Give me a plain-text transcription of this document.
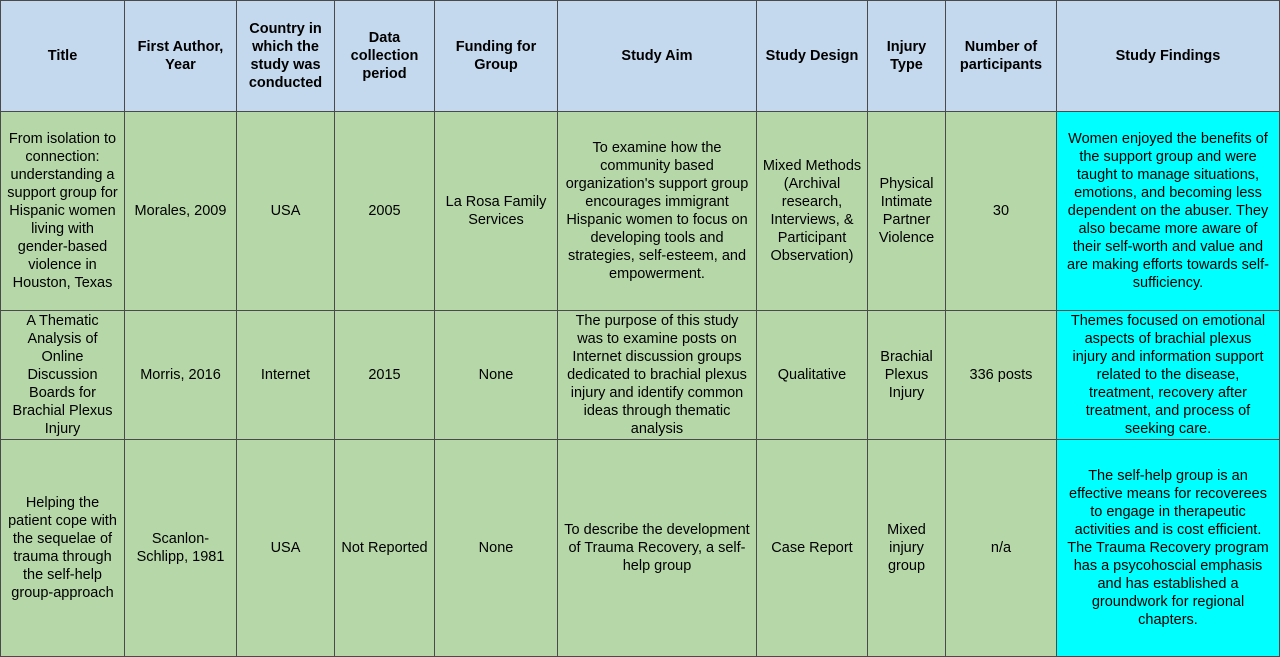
Title	First Author, Year	Country in which the study was conducted	Data collection period	Funding for Group	Study Aim	Study Design	Injury Type	Number of participants	Study Findings
From isolation to connection: understanding a support group for Hispanic women living with gender-based violence in Houston, Texas	Morales, 2009	USA	2005	La Rosa Family Services	To examine how the community based organization's support group encourages immigrant Hispanic women to focus on developing tools and strategies, self-esteem, and empowerment.	Mixed Methods (Archival research, Interviews, & Participant Observation)	Physical Intimate Partner Violence	30	Women enjoyed the benefits of the support group and were taught to manage situations, emotions, and becoming less dependent on the abuser. They also became more aware of their self-worth and value and are making efforts towards self-sufficiency.
A Thematic Analysis of Online Discussion Boards for Brachial Plexus Injury	Morris, 2016	Internet	2015	None	The purpose of this study was to examine posts on Internet discussion groups dedicated to brachial plexus injury and identify common ideas through thematic analysis	Qualitative	Brachial Plexus Injury	336 posts	Themes focused on emotional aspects of brachial plexus injury and information support related to the disease, treatment, recovery after treatment, and process of seeking care.
Helping the patient cope with the sequelae of trauma through the self-help group-approach	Scanlon-Schlipp, 1981	USA	Not Reported	None	To describe the development of Trauma Recovery, a self-help group	Case Report	Mixed injury group	n/a	The self-help group is an effective means for recoverees to engage in therapeutic activities and is cost efficient. The Trauma Recovery program has a psycohoscial emphasis and has established a groundwork for regional chapters.
